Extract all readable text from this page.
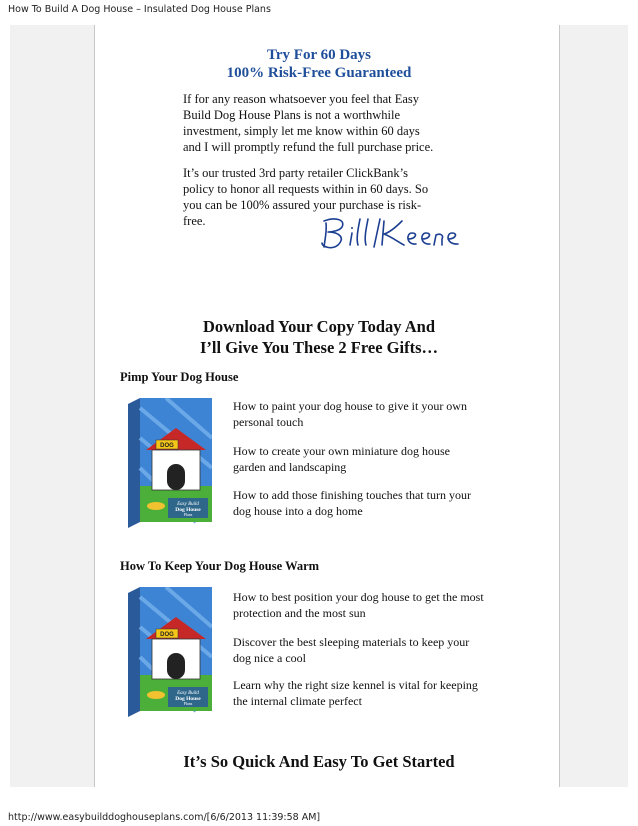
How To Build A Dog House – Insulated Dog House Plans
Try For 60 Days
100% Risk-Free Guaranteed
If for any reason whatsoever you feel that Easy
Build Dog House Plans is not a worthwhile
investment, simply let me know within 60 days
and I will promptly refund the full purchase price.
It’s our trusted 3rd party retailer ClickBank’s
policy to honor all requests within in 60 days. So
you can be 100% assured your purchase is risk-
free.
Download Your Copy Today And
I’ll Give You These 2 Free Gifts…
Pimp Your Dog House
DOG
Easy Build
Dog House
Plans
How to paint your dog house to give it your own
personal touch
How to create your own miniature dog house
garden and landscaping
How to add those finishing touches that turn your
dog house into a dog home
How To Keep Your Dog House Warm
DOG
Easy Build
Dog House
Plans
How to best position your dog house to get the most
protection and the most sun
Discover the best sleeping materials to keep your
dog nice a cool
Learn why the right size kennel is vital for keeping
the internal climate perfect
It’s So Quick And Easy To Get Started
http://www.easybuilddoghouseplans.com/[6/6/2013 11:39:58 AM]
